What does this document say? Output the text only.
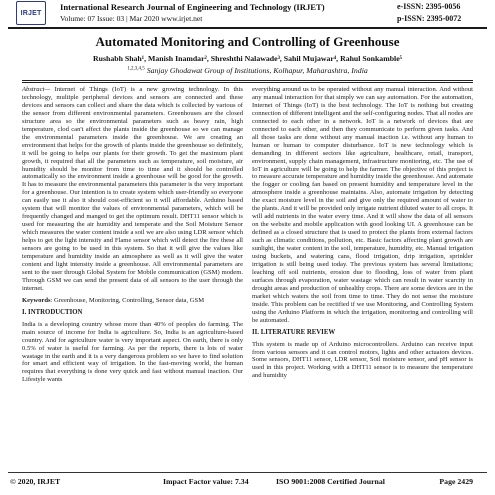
IRJET
International Research Journal of Engineering and Technology (IRJET)
Volume: 07 Issue: 03 | Mar 2020 www.irjet.net
e-ISSN: 2395-0056
p-ISSN: 2395-0072
Automated Monitoring and Controlling of Greenhouse
Rushabh Shah¹, Manish Inamdar², Shreshthi Nalawade³, Sahil Mujawar⁴, Rahul Sonkamble⁵
$^{1,2,3,4,5}$ Sanjay Ghodawat Group of Institutions, Kolhapur, Maharashtra, India

Abstract— Internet of Things (IoT) is a new growing technology. In this technology, multiple peripheral devices and sensors are connected and these devices and sensors can collect and share the data which is collected by various of the sensor from different environmental parameters. Greenhouses are the closed structure area so the environmental parameters such as heavy rain, high temperature, clod can't affect the plants inside the greenhouse so we can manage the environmental parameters inside the greenhouse. We are creating an environment that helps for the growth of plants inside the greenhouse so definitely, it will be going to helps our plants for their growth. To get the maximum plant growth, it required that all the parameters such as temperature, soil moisture, air humidity should be monitor from time to time and it should be controlled automatically so the environment inside a greenhouse will be good for the growth. It has to measure the environmental parameters this parameter is the very important for a greenhouse. Our intention is to create system which user-friendly so everyone can easily use it also it should cost-efficient so it will affordable. Arduino based system that will monitor the values of environmental parameters, which will be frequently changed and manged to get the optimum result. DHT11 sensor which is used for measuring the air humidity and temperate and the Soil Moisture Sensor which measures the water content inside a soil we are also using LDR sensor which helps to get the light intensity and Flame sensor which will detect the fire these all sensors are going to be used in this system. So that it will give the values like temperature and humidity inside an atmosphere as well as it will give the water content and light intensity inside a greenhouse. All environmental parameters are sent to the user through Global System for Mobile communication (GSM) modem. Through GSM we can send the present data of all sensors to the user through the internet.

Keywords: Greenhouse, Monitoring, Controlling, Sensor data, GSM

I. INTRODUCTION

India is a developing country whose more than 40% of peoples do farming. The main source of income for India is agriculture. So, India is an agriculture-based country. And for agriculture water is very important aspect. On earth, there is only 0.5% of water is useful for farming. As per the reports, there is lots of water wastage in the earth and it is a very dangerous problem so we have to find solution for smart and efficient way of irrigation. In the fast-moving world, the human requires that everything is done very quick and fast without manual inaction. Our Lifestyle wants

everything around us to be operated without any manual interaction. And without any manual interaction for that simply we can say automation. For the automation, Internet of Things (IoT) is the best technology. The IoT is nothing but creating connection of different intelligent and the self-configuring nodes. That all nodes are connected to each other in a network. IoT is a network of devices that are connected to each other, and then they communicate to perform given tasks. And all those tasks are done without any manual inaction i.e. without any human to human or human to computer disturbance. IoT is new technology which is demanding in different sectors like agriculture, healthcare, retail, transport, environment, supply chain management, infrastructure monitoring, etc. The use of IoT in agriculture will be going to help the farmer. The objective of this project is to measure accurate temperature and humidity inside the greenhouse. And automate the fogger or cooling fan based on present humidity and temperature level in the atmosphere inside a greenhouse maintains. Also, automate irrigation by detecting the exact moisture level in the soil and give only the required amount of water to the plants. And it will be provided only irrigate nutrient diluted water to all crops. It will add nutrients in the water every time. And it will show the data of all sensors on the website and mobile application with good looking UI. A greenhouse can be defined as a closed structure that is used to protect the plants from external factors such as climatic conditions, pollution, etc. Basic factors affecting plant growth are sunlight, the water content in the soil, temperature, humidity, etc. Manual irrigation using buckets, and watering cans, flood irrigation, drip irrigation, sprinkler irrigation is still being used today. The previous system has several limitations; leaching off soil nutrients, erosion due to flooding, loss of water from plant surfaces through evaporation, water wastage which can result in water scarcity in drought areas and production of unhealthy crops. There are some devices are in the market which waters the soil from time to time. They do not sense the moisture inside. This problem can be rectified if we use Monitoring, and Controlling System using the Arduino Platform in which the irrigation, monitoring and controlling will be automated.

II. LITERATURE REVIEW

This system is made up of Arduino microcontrollers. Arduino can receive input from various sensors and it can control motors, lights and other actuators devices. Some sensors, DHT11 sensor, LDR sensor, Soil moisture sensor, and pH sensor is used in this project. Working with a DHT11 sensor is to measure the temperature and humidity

© 2020, IRJET	Impact Factor value: 7.34	ISO 9001:2008 Certified Journal	Page 2429
